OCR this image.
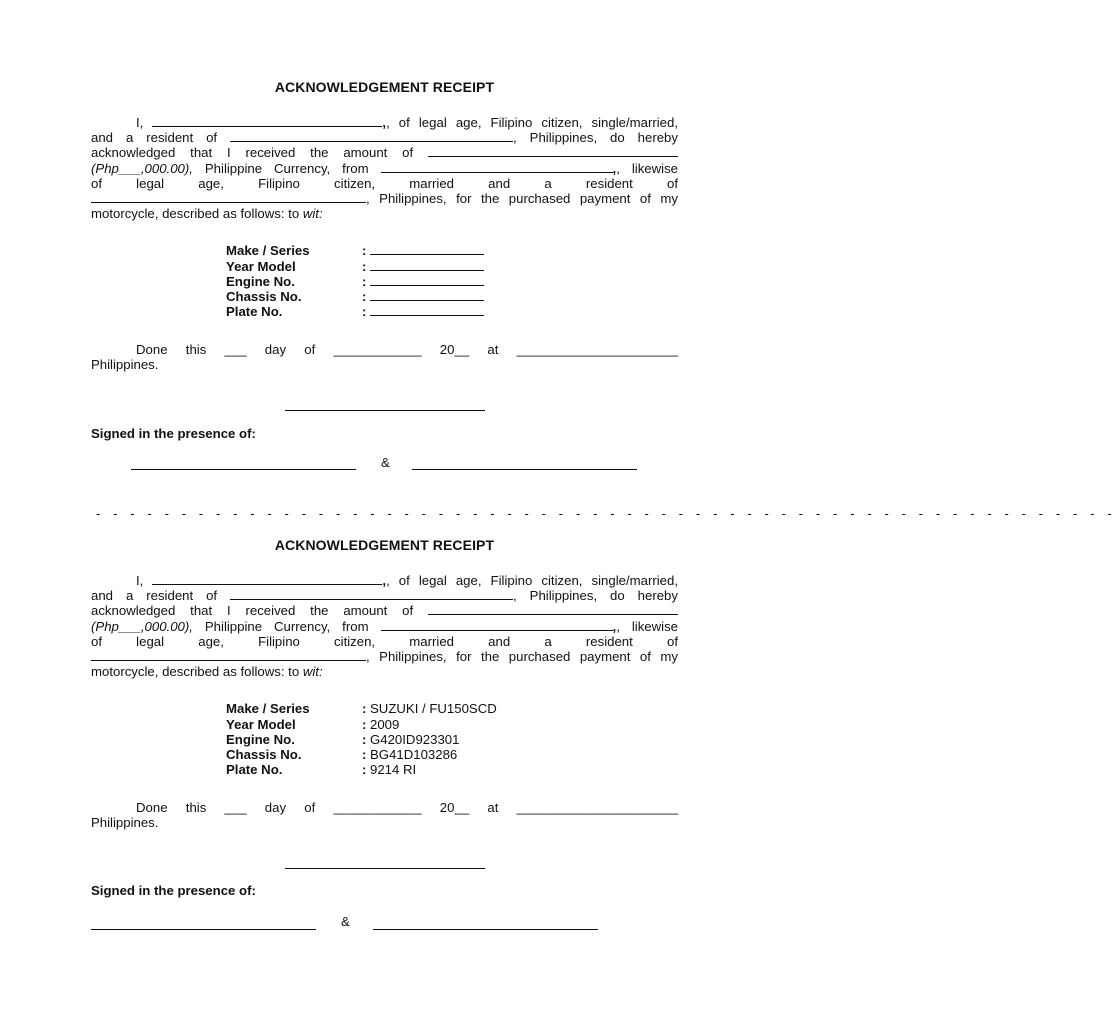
ACKNOWLEDGEMENT RECEIPT
I,	,, of legal age, Filipino citizen, single/married,
and a resident of	, Philippines, do hereby
acknowledged that I received the amount of
(Php___,000.00), Philippine Currency, from	,, likewise
of legal age, Filipino citizen, married and a resident of
, Philippines, for the purchased payment of my
motorcycle, described as follows: to wit:
Make / Series	:
Year Model	:
Engine No.	:
Chassis No.	:
Plate No.	:
Done this ___ day of ____________ 20__ at ______________________
Philippines.
Signed in the presence of:
&
- - - - - - - - - - - - - - - - - - - - - - - - - - - - - - - - - - - - - - - - - - - - - - - - - - - - - - - - - - - -
ACKNOWLEDGEMENT RECEIPT
I,	,, of legal age, Filipino citizen, single/married,
and a resident of	, Philippines, do hereby
acknowledged that I received the amount of
(Php___,000.00), Philippine Currency, from	,, likewise
of legal age, Filipino citizen, married and a resident of
, Philippines, for the purchased payment of my
motorcycle, described as follows: to wit:
Make / Series	: SUZUKI / FU150SCD
Year Model	: 2009
Engine No.	: G420ID923301
Chassis No.	: BG41D103286
Plate No.	: 9214 RI
Done this ___ day of ____________ 20__ at ______________________
Philippines.
Signed in the presence of:
&
